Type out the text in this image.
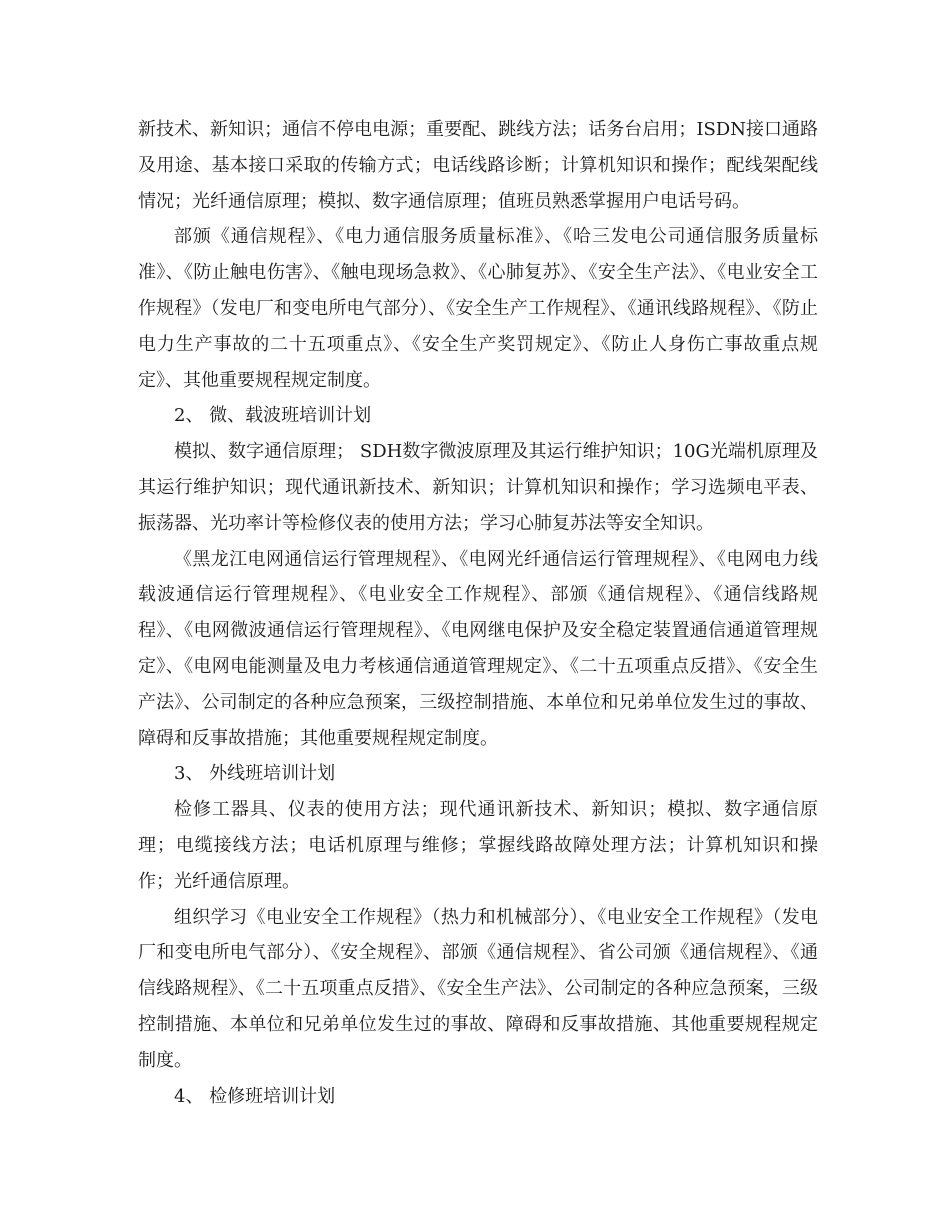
新技术、新知识；通信不停电电源；重要配、跳线方法；话务台启用；ISDN接口通路及用途、基本接口采取的传输方式；电话线路诊断；计算机知识和操作；配线架配线情况；光纤通信原理；模拟、数字通信原理；值班员熟悉掌握用户电话号码。

部颁《通信规程》、《电力通信服务质量标准》、《哈三发电公司通信服务质量标准》、《防止触电伤害》、《触电现场急救》、《心肺复苏》、《安全生产法》、《电业安全工作规程》（发电厂和变电所电气部分）、《安全生产工作规程》、《通讯线路规程》、《防止电力生产事故的二十五项重点》、《安全生产奖罚规定》、《防止人身伤亡事故重点规定》、其他重要规程规定制度。

2、 微、载波班培训计划

模拟、数字通信原理； SDH数字微波原理及其运行维护知识；10G光端机原理及其运行维护知识；现代通讯新技术、新知识；计算机知识和操作；学习选频电平表、振荡器、光功率计等检修仪表的使用方法；学习心肺复苏法等安全知识。

《黑龙江电网通信运行管理规程》、《电网光纤通信运行管理规程》、《电网电力线载波通信运行管理规程》、《电业安全工作规程》、部颁《通信规程》、《通信线路规程》、《电网微波通信运行管理规程》、《电网继电保护及安全稳定装置通信通道管理规定》、《电网电能测量及电力考核通信通道管理规定》、《二十五项重点反措》、《安全生产法》、公司制定的各种应急预案，三级控制措施、本单位和兄弟单位发生过的事故、障碍和反事故措施；其他重要规程规定制度。

3、 外线班培训计划

检修工器具、仪表的使用方法；现代通讯新技术、新知识；模拟、数字通信原理；电缆接线方法；电话机原理与维修；掌握线路故障处理方法；计算机知识和操作；光纤通信原理。

组织学习《电业安全工作规程》（热力和机械部分）、《电业安全工作规程》（发电厂和变电所电气部分）、《安全规程》、部颁《通信规程》、省公司颁《通信规程》、《通信线路规程》、《二十五项重点反措》、《安全生产法》、公司制定的各种应急预案，三级控制措施、本单位和兄弟单位发生过的事故、障碍和反事故措施、其他重要规程规定制度。

4、 检修班培训计划
